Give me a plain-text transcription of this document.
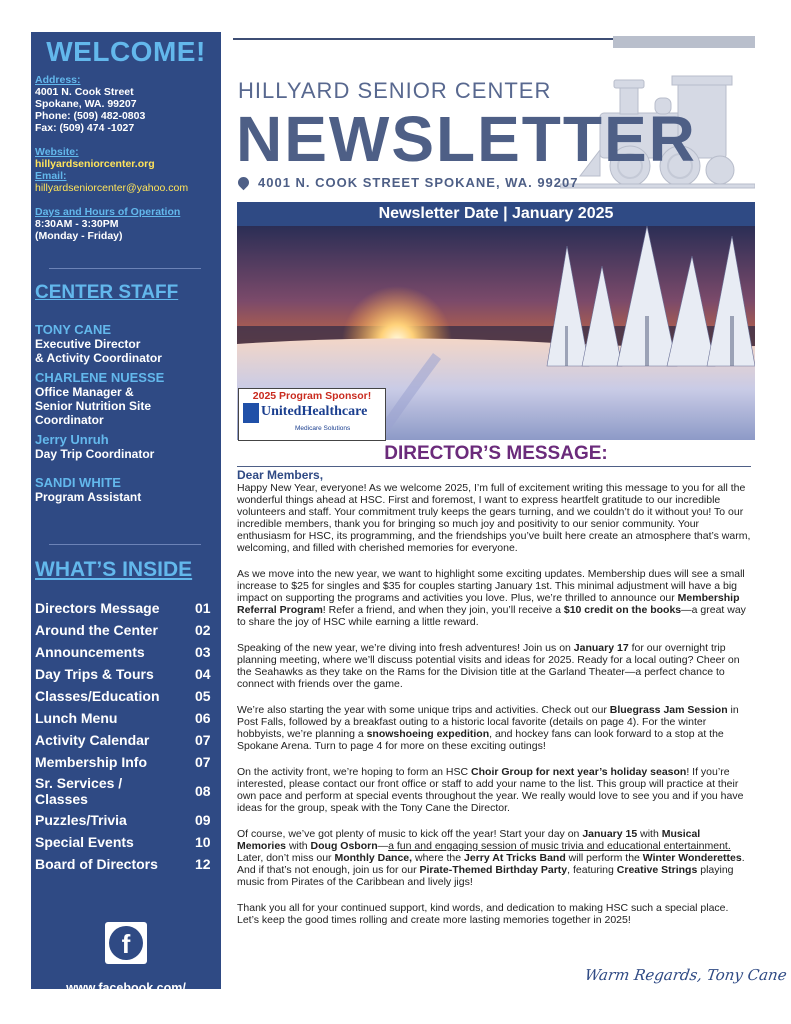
WELCOME!
Address:
4001 N. Cook Street
Spokane, WA. 99207
Phone: (509) 482-0803
Fax: (509) 474 -1027
Website:
hillyardseniorcenter.org
Email:
hillyardseniorcenter@yahoo.com
Days and Hours of Operation
8:30AM - 3:30PM
(Monday - Friday)
CENTER STAFF
TONY CANE
Executive Director
& Activity Coordinator
CHARLENE NUESSE
Office Manager &
Senior Nutrition Site
Coordinator
Jerry Unruh
Day Trip Coordinator
SANDI WHITE
Program Assistant
WHAT’S INSIDE
Directors Message	01
Around the Center	02
Announcements	03
Day Trips & Tours	04
Classes/Education	05
Lunch Menu	06
Activity Calendar	07
Membership Info	07
Sr. Services / Classes	08
Puzzles/Trivia	09
Special Events	10
Board of Directors	12
f
www.facebook.com/
HillyardSeniorCenter
HILLYARD SENIOR CENTER
NEWSLETTER
4001 N. COOK STREET SPOKANE, WA. 99207
Newsletter Date | January 2025
2025 Program Sponsor!
UnitedHealthcare
Medicare Solutions
DIRECTOR’S MESSAGE:
Dear Members,

Happy New Year, everyone! As we welcome 2025, I’m full of excitement writing this message to you for all the wonderful things ahead at HSC. First and foremost, I want to express heartfelt gratitude to our incredible volunteers and staff. Your commitment truly keeps the gears turning, and we couldn’t do it without you! To our incredible members, thank you for bringing so much joy and positivity to our senior community. Your enthusiasm for HSC, its programming, and the friendships you’ve built here create an atmosphere that’s warm, welcoming, and filled with cherished memories for everyone.

As we move into the new year, we want to highlight some exciting updates. Membership dues will see a small increase to $25 for singles and $35 for couples starting January 1st. This minimal adjustment will have a big impact on supporting the programs and activities you love. Plus, we’re thrilled to announce our Membership Referral Program! Refer a friend, and when they join, you’ll receive a $10 credit on the books—a great way to share the joy of HSC while earning a little reward.

Speaking of the new year, we’re diving into fresh adventures! Join us on January 17 for our overnight trip planning meeting, where we’ll discuss potential visits and ideas for 2025. Ready for a local outing? Cheer on the Seahawks as they take on the Rams for the Division title at the Garland Theater—a perfect chance to connect with friends over the game.

We’re also starting the year with some unique trips and activities. Check out our Bluegrass Jam Session in Post Falls, followed by a breakfast outing to a historic local favorite (details on page 4). For the winter hobbyists, we’re planning a snowshoeing expedition, and hockey fans can look forward to a stop at the Spokane Arena. Turn to page 4 for more on these exciting outings!

On the activity front, we’re hoping to form an HSC Choir Group for next year’s holiday season! If you’re interested, please contact our front office or staff to add your name to the list. This group will practice at their own pace and perform at special events throughout the year. We really would love to see you and if you have ideas for the group, speak with the Tony Cane the Director.

Of course, we’ve got plenty of music to kick off the year! Start your day on January 15 with Musical Memories with Doug Osborn—a fun and engaging session of music trivia and educational entertainment. Later, don’t miss our Monthly Dance, where the Jerry At Tricks Band will perform the Winter Wonderettes. And if that’s not enough, join us for our Pirate-Themed Birthday Party, featuring Creative Strings playing music from Pirates of the Caribbean and lively jigs!

Thank you all for your continued support, kind words, and dedication to making HSC such a special place. Let’s keep the good times rolling and create more lasting memories together in 2025!

Warm Regards, Tony Cane
